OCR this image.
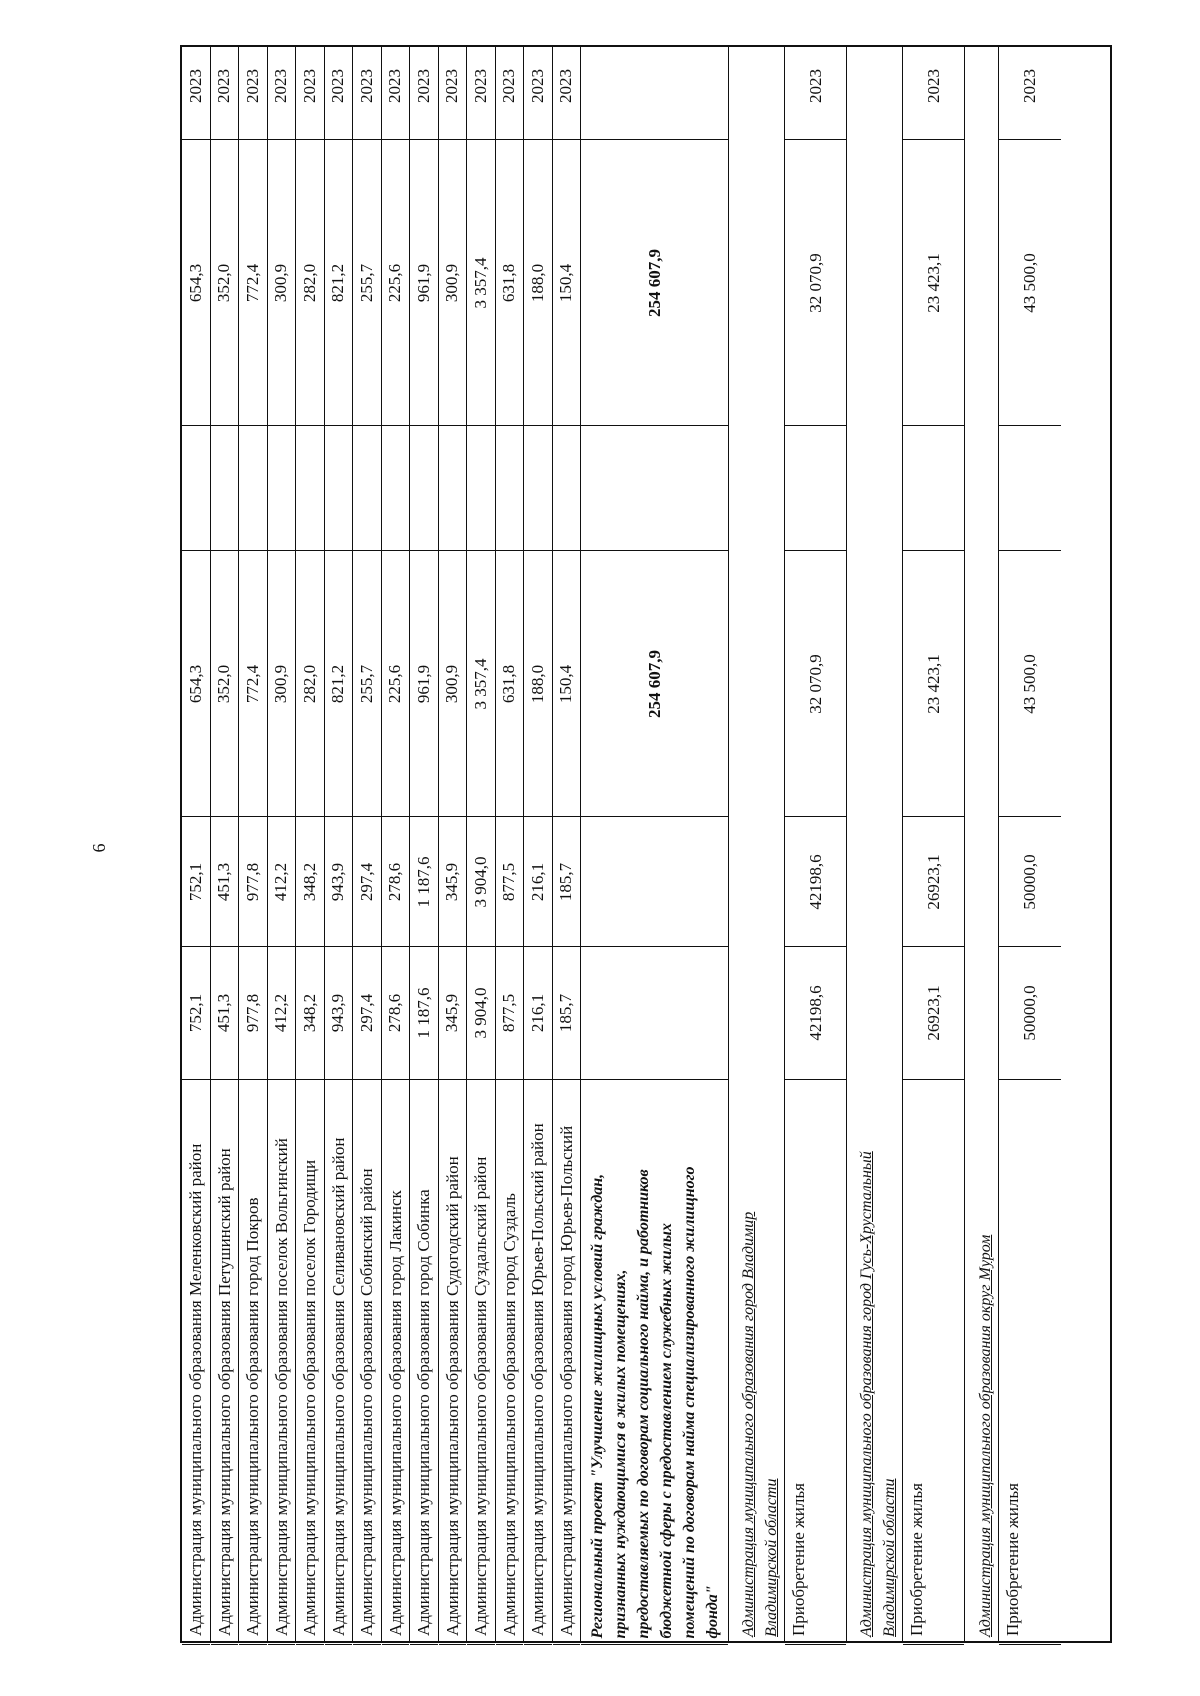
6
Администрация муниципального образования Меленковский район
752,1
752,1
654,3
654,3
2023
Администрация муниципального образования Петушинский район
451,3
451,3
352,0
352,0
2023
Администрация муниципального образования город Покров
977,8
977,8
772,4
772,4
2023
Администрация муниципального образования поселок Вольгинский
412,2
412,2
300,9
300,9
2023
Администрация муниципального образования поселок Городищи
348,2
348,2
282,0
282,0
2023
Администрация муниципального образования Селивановский район
943,9
943,9
821,2
821,2
2023
Администрация муниципального образования Собинский район
297,4
297,4
255,7
255,7
2023
Администрация муниципального образования город Лакинск
278,6
278,6
225,6
225,6
2023
Администрация муниципального образования город Собинка
1 187,6
1 187,6
961,9
961,9
2023
Администрация муниципального образования Судогодский район
345,9
345,9
300,9
300,9
2023
Администрация муниципального образования Суздальский район
3 904,0
3 904,0
3 357,4
3 357,4
2023
Администрация муниципального образования город Суздаль
877,5
877,5
631,8
631,8
2023
Администрация муниципального образования Юрьев-Польский район
216,1
216,1
188,0
188,0
2023
Администрация муниципального образования город Юрьев-Польский
185,7
185,7
150,4
150,4
2023
Региональный проект "Улучшение жилищных условий граждан, признанных нуждающимися в жилых помещениях, предоставляемых по договорам социального найма, и работников бюджетной сферы с предоставлением служебных жилых помещений по договорам найма специализированного жилищного фонда"
254 607,9
254 607,9
Администрация муниципального образования город Владимир Владимирской области Приобретение жилья
42198,6
42198,6
32 070,9
32 070,9
2023
Администрация муниципального образования город Гусь-Хрустальный Владимирской области Приобретение жилья
26923,1
26923,1
23 423,1
23 423,1
2023
Администрация муниципального образования округ Муром Приобретение жилья
50000,0
50000,0
43 500,0
43 500,0
2023
